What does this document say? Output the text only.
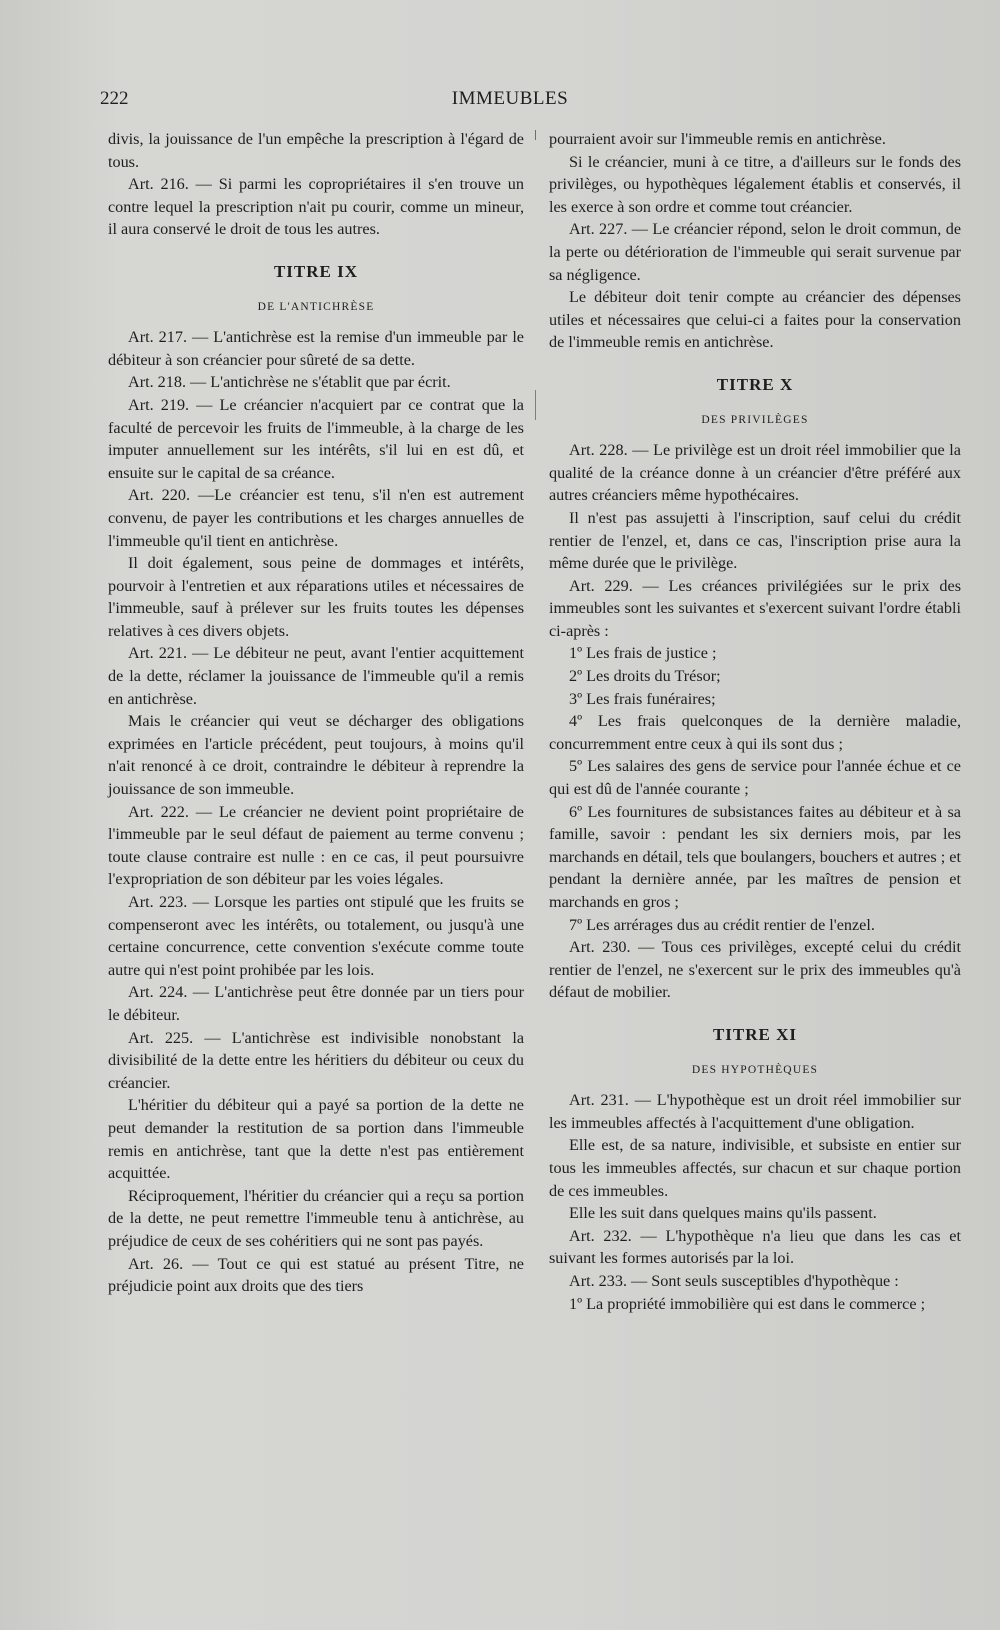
222	IMMEUBLES

divis, la jouissance de l'un empêche la prescription à l'égard de tous.

Art. 216. — Si parmi les copropriétaires il s'en trouve un contre lequel la prescription n'ait pu courir, comme un mineur, il aura conservé le droit de tous les autres.

TITRE IX
DE L'ANTICHRÈSE

Art. 217. — L'antichrèse est la remise d'un immeuble par le débiteur à son créancier pour sûreté de sa dette.

Art. 218. — L'antichrèse ne s'établit que par écrit.

Art. 219. — Le créancier n'acquiert par ce contrat que la faculté de percevoir les fruits de l'immeuble, à la charge de les imputer annuellement sur les intérêts, s'il lui en est dû, et ensuite sur le capital de sa créance.

Art. 220. —Le créancier est tenu, s'il n'en est autrement convenu, de payer les contributions et les charges annuelles de l'immeuble qu'il tient en antichrèse.

Il doit également, sous peine de dommages et intérêts, pourvoir à l'entretien et aux réparations utiles et nécessaires de l'immeuble, sauf à prélever sur les fruits toutes les dépenses relatives à ces divers objets.

Art. 221. — Le débiteur ne peut, avant l'entier acquittement de la dette, réclamer la jouissance de l'immeuble qu'il a remis en antichrèse.

Mais le créancier qui veut se décharger des obligations exprimées en l'article précédent, peut toujours, à moins qu'il n'ait renoncé à ce droit, contraindre le débiteur à reprendre la jouissance de son immeuble.

Art. 222. — Le créancier ne devient point propriétaire de l'immeuble par le seul défaut de paiement au terme convenu ; toute clause contraire est nulle : en ce cas, il peut poursuivre l'expropriation de son débiteur par les voies légales.

Art. 223. — Lorsque les parties ont stipulé que les fruits se compenseront avec les intérêts, ou totalement, ou jusqu'à une certaine concurrence, cette convention s'exécute comme toute autre qui n'est point prohibée par les lois.

Art. 224. — L'antichrèse peut être donnée par un tiers pour le débiteur.

Art. 225. — L'antichrèse est indivisible nonobstant la divisibilité de la dette entre les héritiers du débiteur ou ceux du créancier.

L'héritier du débiteur qui a payé sa portion de la dette ne peut demander la restitution de sa portion dans l'immeuble remis en antichrèse, tant que la dette n'est pas entièrement acquittée.

Réciproquement, l'héritier du créancier qui a reçu sa portion de la dette, ne peut remettre l'immeuble tenu à antichrèse, au préjudice de ceux de ses cohéritiers qui ne sont pas payés.

Art. 26. — Tout ce qui est statué au présent Titre, ne préjudicie point aux droits que des tiers

pourraient avoir sur l'immeuble remis en antichrèse.

Si le créancier, muni à ce titre, a d'ailleurs sur le fonds des privilèges, ou hypothèques légalement établis et conservés, il les exerce à son ordre et comme tout créancier.

Art. 227. — Le créancier répond, selon le droit commun, de la perte ou détérioration de l'immeuble qui serait survenue par sa négligence.

Le débiteur doit tenir compte au créancier des dépenses utiles et nécessaires que celui-ci a faites pour la conservation de l'immeuble remis en antichrèse.

TITRE X
DES PRIVILÈGES

Art. 228. — Le privilège est un droit réel immobilier que la qualité de la créance donne à un créancier d'être préféré aux autres créanciers même hypothécaires.

Il n'est pas assujetti à l'inscription, sauf celui du crédit rentier de l'enzel, et, dans ce cas, l'inscription prise aura la même durée que le privilège.

Art. 229. — Les créances privilégiées sur le prix des immeubles sont les suivantes et s'exercent suivant l'ordre établi ci-après :

1º Les frais de justice ;

2º Les droits du Trésor;

3º Les frais funéraires;

4º Les frais quelconques de la dernière maladie, concurremment entre ceux à qui ils sont dus ;

5º Les salaires des gens de service pour l'année échue et ce qui est dû de l'année courante ;

6º Les fournitures de subsistances faites au débiteur et à sa famille, savoir : pendant les six derniers mois, par les marchands en détail, tels que boulangers, bouchers et autres ; et pendant la dernière année, par les maîtres de pension et marchands en gros ;

7º Les arrérages dus au crédit rentier de l'enzel.

Art. 230. — Tous ces privilèges, excepté celui du crédit rentier de l'enzel, ne s'exercent sur le prix des immeubles qu'à défaut de mobilier.

TITRE XI
DES HYPOTHÈQUES

Art. 231. — L'hypothèque est un droit réel immobilier sur les immeubles affectés à l'acquittement d'une obligation.

Elle est, de sa nature, indivisible, et subsiste en entier sur tous les immeubles affectés, sur chacun et sur chaque portion de ces immeubles.

Elle les suit dans quelques mains qu'ils passent.

Art. 232. — L'hypothèque n'a lieu que dans les cas et suivant les formes autorisés par la loi.

Art. 233. — Sont seuls susceptibles d'hypothèque :

1º La propriété immobilière qui est dans le commerce ;
